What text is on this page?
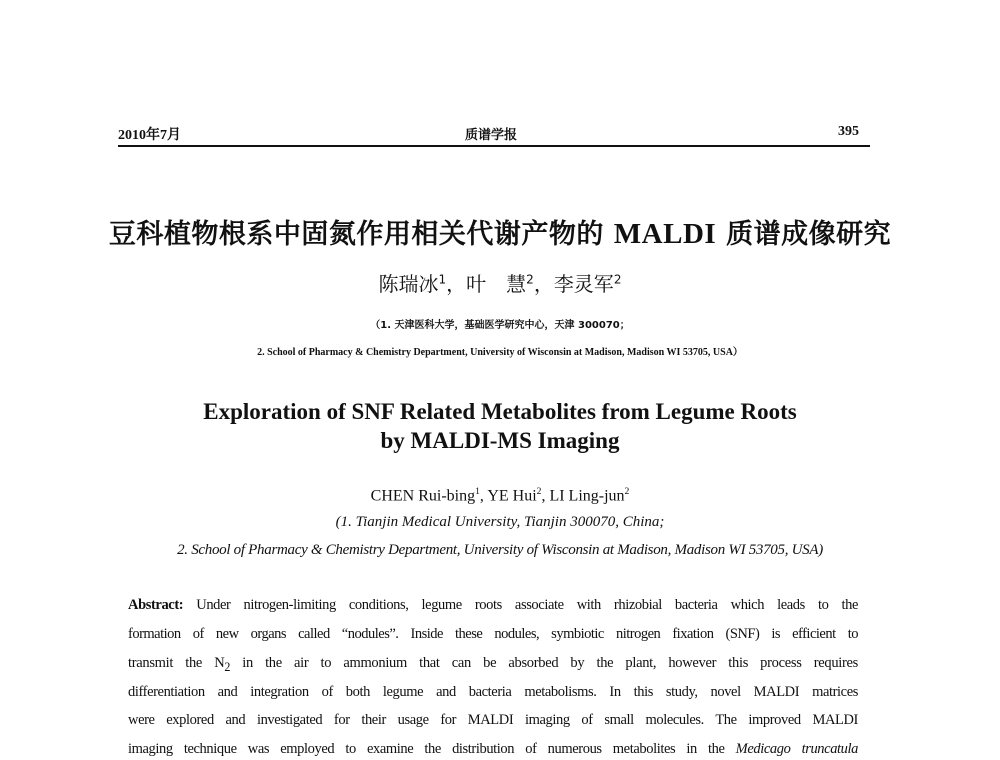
2010年7月	质谱学报	395
豆科植物根系中固氮作用相关代谢产物的 MALDI 质谱成像研究
陈瑞冰$^1$，叶　慧$^2$，李灵军$^2$
（1. 天津医科大学，基础医学研究中心，天津 300070；
2. School of Pharmacy & Chemistry Department, University of Wisconsin at Madison, Madison WI 53705, USA）
Exploration of SNF Related Metabolites from Legume Roots
by MALDI-MS Imaging
CHEN Rui-bing$^1$, YE Hui$^2$, LI Ling-jun$^2$
(1. Tianjin Medical University, Tianjin 300070, China;
2. School of Pharmacy & Chemistry Department, University of Wisconsin at Madison, Madison WI 53705, USA)
Abstract: Under nitrogen-limiting conditions, legume roots associate with rhizobial bacteria which leads to the
formation of new organs called “nodules”. Inside these nodules, symbiotic nitrogen fixation (SNF) is efficient to
transmit the $N_2$ in the air to ammonium that can be absorbed by the plant, however this process requires
differentiation and integration of both legume and bacteria metabolisms. In this study, novel MALDI matrices
were explored and investigated for their usage for MALDI imaging of small molecules. The improved MALDI
imaging technique was employed to examine the distribution of numerous metabolites in the Medicago truncatula
